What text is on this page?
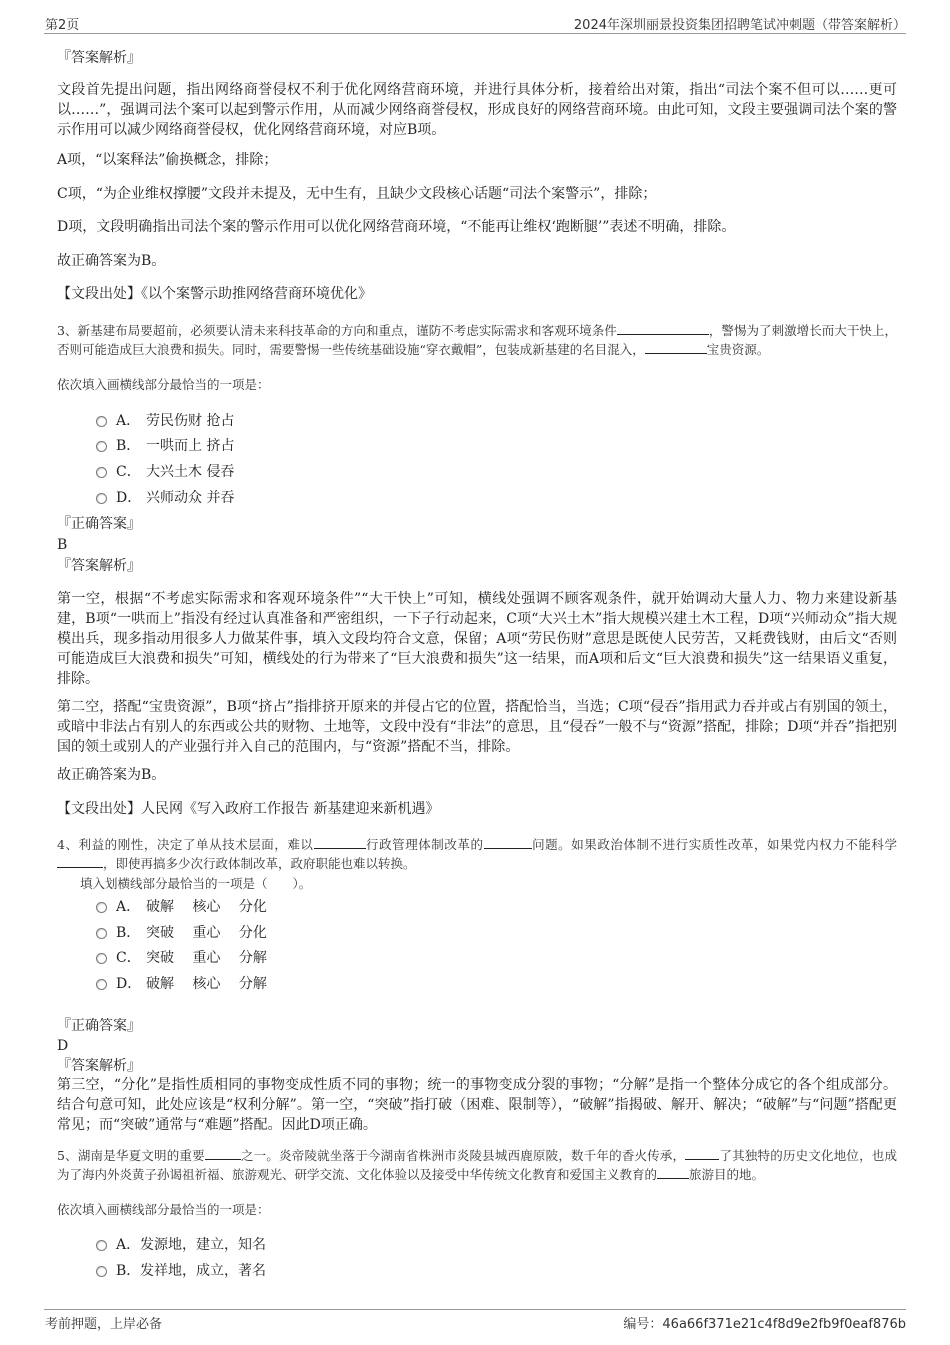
第2页	2024年深圳丽景投资集团招聘笔试冲刺题（带答案解析）
『答案解析』

文段首先提出问题，指出网络商誉侵权不利于优化网络营商环境，并进行具体分析，接着给出对策，指出“司法个案不但可以……更可以……”，强调司法个案可以起到警示作用，从而减少网络商誉侵权，形成良好的网络营商环境。由此可知，文段主要强调司法个案的警示作用可以减少网络商誉侵权，优化网络营商环境，对应B项。

A项，“以案释法”偷换概念，排除；

C项，“为企业维权撑腰”文段并未提及，无中生有，且缺少文段核心话题“司法个案警示”，排除；

D项，文段明确指出司法个案的警示作用可以优化网络营商环境，“不能再让维权‘跑断腿’”表述不明确，排除。

故正确答案为B。

【文段出处】《以个案警示助推网络营商环境优化》

3、新基建布局要超前，必须要认清未来科技革命的方向和重点，谨防不考虑实际需求和客观环境条件	，警惕为了刺激增长而大干快上，否则可能造成巨大浪费和损失。同时，需要警惕一些传统基础设施“穿衣戴帽”，包装成新基建的名目混入，	宝贵资源。

依次填入画横线部分最恰当的一项是：

A． 劳民伤财 抢占
B． 一哄而上 挤占
C． 大兴土木 侵吞
D． 兴师动众 并吞
『正确答案』
B
『答案解析』

第一空，根据“不考虑实际需求和客观环境条件”“大干快上”可知，横线处强调不顾客观条件，就开始调动大量人力、物力来建设新基建，B项“一哄而上”指没有经过认真准备和严密组织，一下子行动起来，C项“大兴土木”指大规模兴建土木工程，D项“兴师动众”指大规模出兵，现多指动用很多人力做某件事，填入文段均符合文意，保留；A项“劳民伤财”意思是既使人民劳苦，又耗费钱财，由后文“否则可能造成巨大浪费和损失”可知，横线处的行为带来了“巨大浪费和损失”这一结果，而A项和后文“巨大浪费和损失”这一结果语义重复，排除。

第二空，搭配“宝贵资源”，B项“挤占”指排挤开原来的并侵占它的位置，搭配恰当，当选；C项“侵吞”指用武力吞并或占有别国的领土，或暗中非法占有别人的东西或公共的财物、土地等，文段中没有“非法”的意思，且“侵吞”一般不与“资源”搭配，排除；D项“并吞”指把别国的领土或别人的产业强行并入自己的范围内，与“资源”搭配不当，排除。

故正确答案为B。

【文段出处】人民网《写入政府工作报告 新基建迎来新机遇》

4、利益的刚性，决定了单从技术层面，难以	行政管理体制改革的	问题。如果政治体制不进行实质性改革，如果党内权力不能科学，即使再搞多少次行政体制改革，政府职能也难以转换。

填入划横线部分最恰当的一项是（　　）。

A． 破解　 核心　 分化
B． 突破　 重心　 分化
C． 突破　 重心　 分解
D． 破解　 核心　 分解
『正确答案』
D
『答案解析』

第三空，“分化”是指性质相同的事物变成性质不同的事物；统一的事物变成分裂的事物；“分解”是指一个整体分成它的各个组成部分。结合句意可知，此处应该是“权利分解”。第一空，“突破”指打破（困难、限制等），“破解”指揭破、解开、解决；“破解”与“问题”搭配更常见；而“突破”通常与“难题”搭配。因此D项正确。

5、湖南是华夏文明的重要	之一。炎帝陵就坐落于今湖南省株洲市炎陵县城西鹿原陂，数千年的香火传承，	了其独特的历史文化地位，也成为了海内外炎黄子孙谒祖祈福、旅游观光、研学交流、文化体验以及接受中华传统文化教育和爱国主义教育的	旅游目的地。

依次填入画横线部分最恰当的一项是：

A． 发源地，建立，知名
B． 发祥地，成立，著名
考前押题，上岸必备	编号：46a66f371e21c4f8d9e2fb9f0eaf876b
